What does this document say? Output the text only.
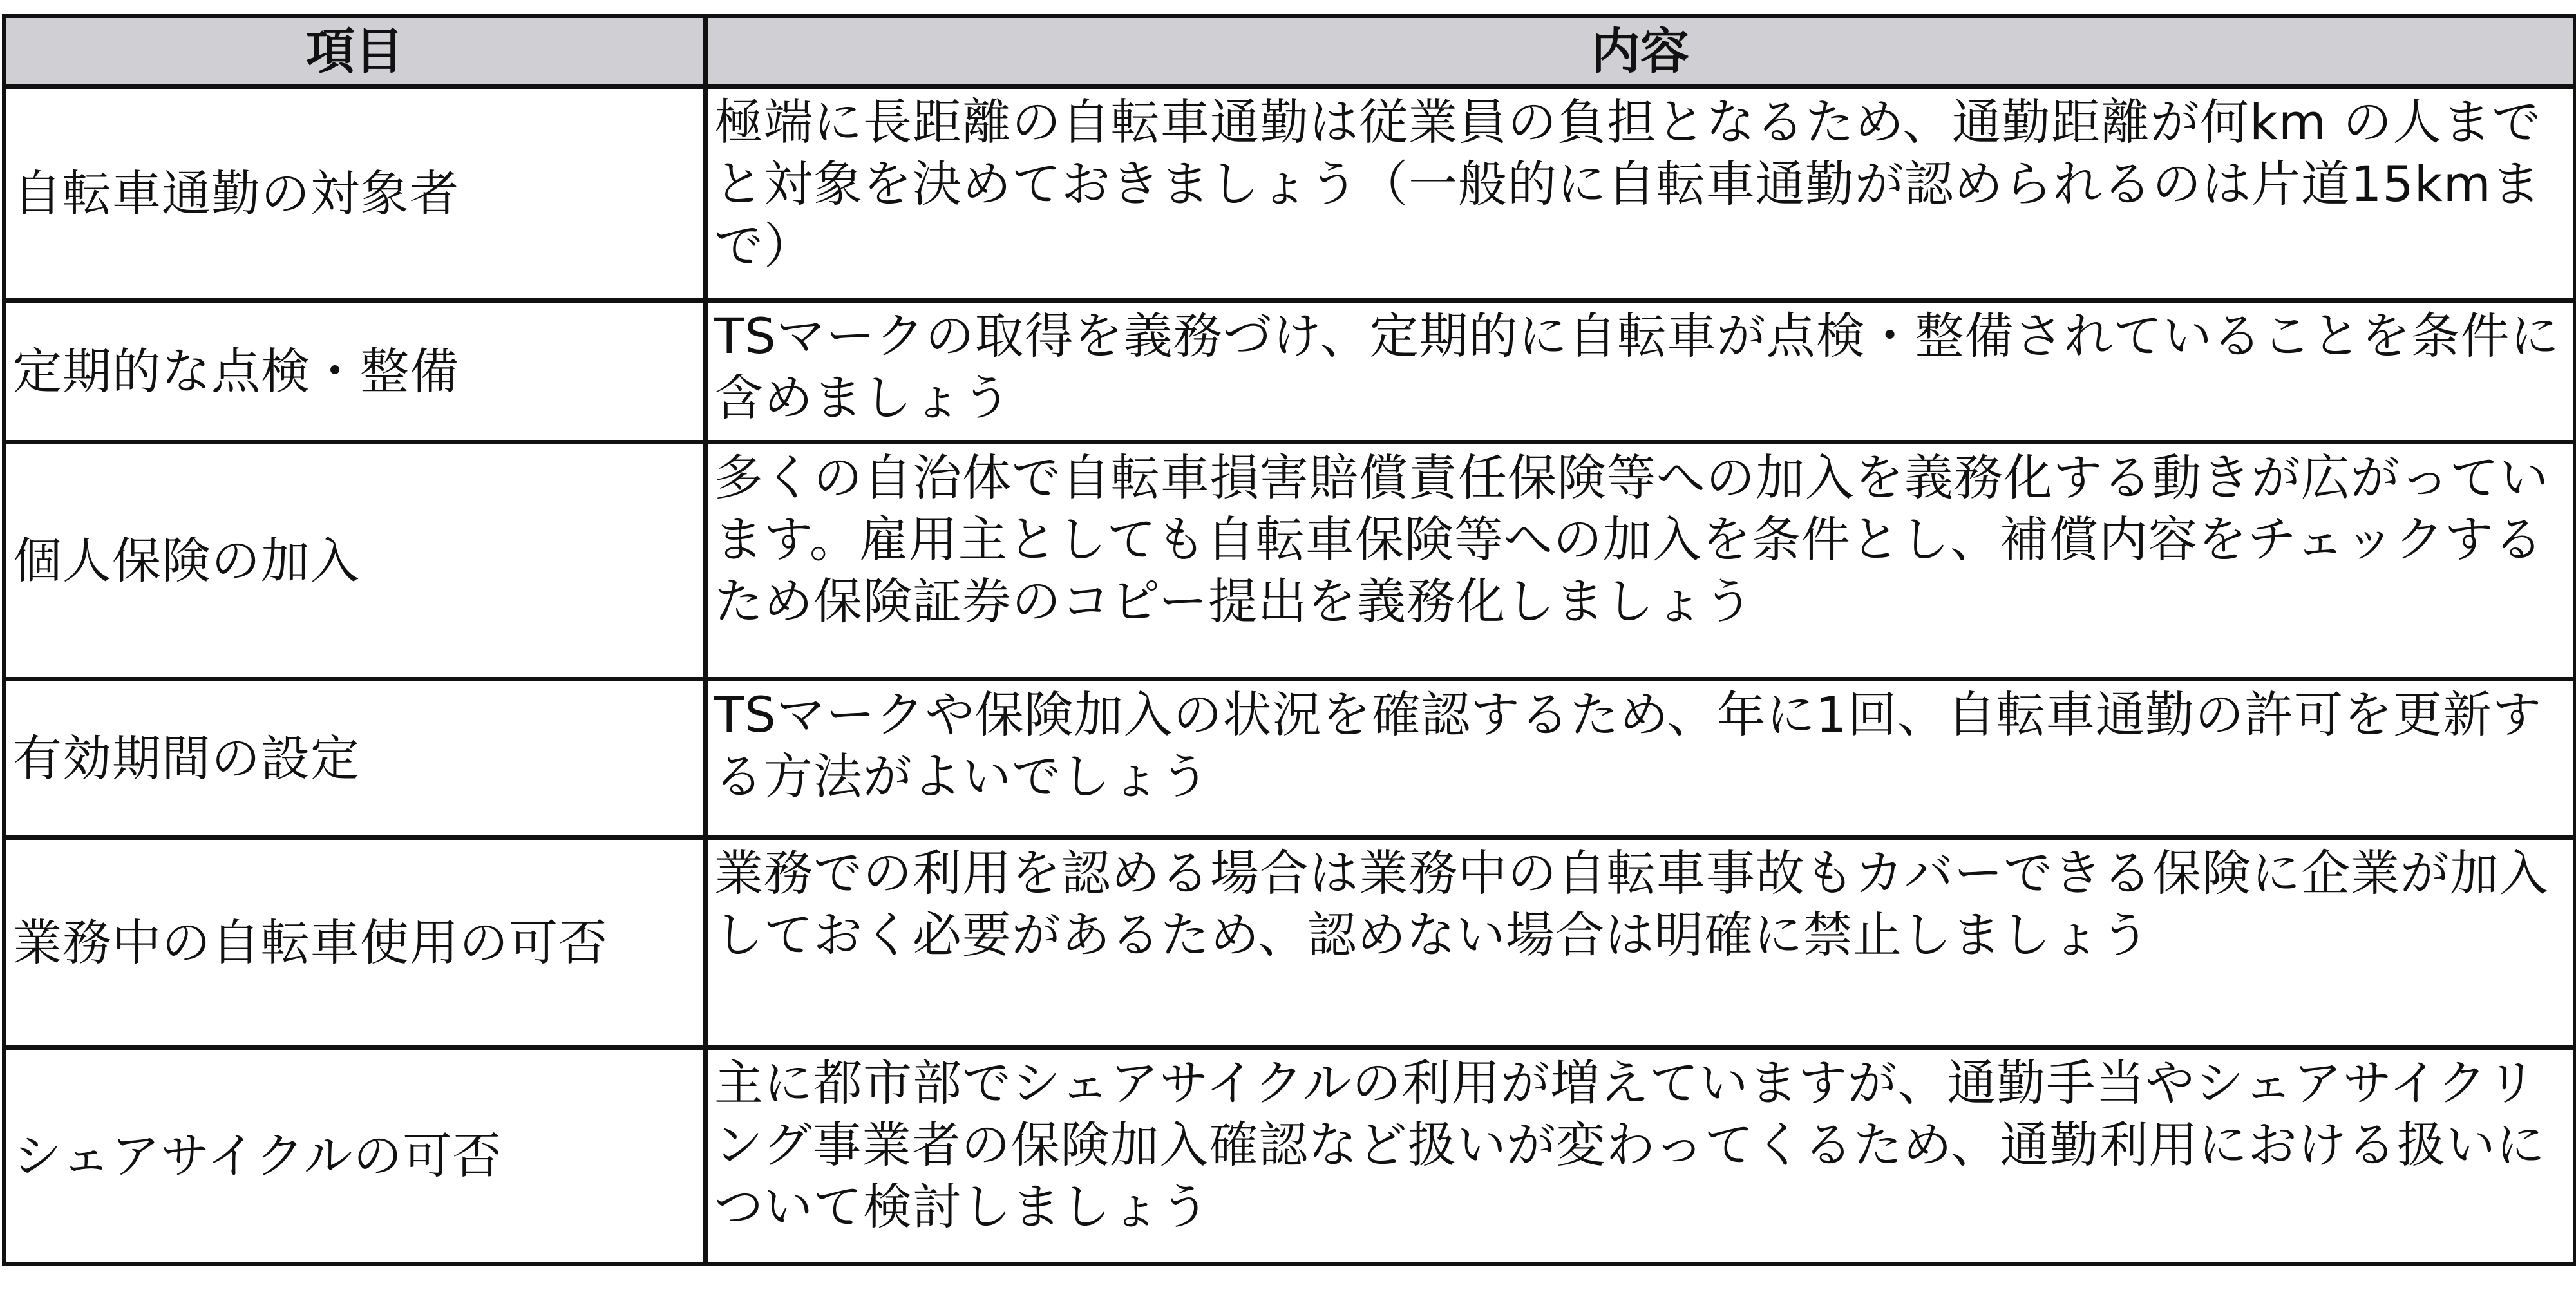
項目	内容
自転車通勤の対象者	極端に長距離の自転車通勤は従業員の負担となるため、通勤距離が何km の人までと対象を決めておきましょう（一般的に自転車通勤が認められるのは片道15kmまで）
定期的な点検・整備	TSマークの取得を義務づけ、定期的に自転車が点検・整備されていることを条件に含めましょう
個人保険の加入	多くの自治体で自転車損害賠償責任保険等への加入を義務化する動きが広がっています。雇用主としても自転車保険等への加入を条件とし、補償内容をチェックするため保険証券のコピー提出を義務化しましょう
有効期間の設定	TSマークや保険加入の状況を確認するため、年に1回、自転車通勤の許可を更新する方法がよいでしょう
業務中の自転車使用の可否	業務での利用を認める場合は業務中の自転車事故もカバーできる保険に企業が加入しておく必要があるため、認めない場合は明確に禁止しましょう
シェアサイクルの可否	主に都市部でシェアサイクルの利用が増えていますが、通勤手当やシェアサイクリング事業者の保険加入確認など扱いが変わってくるため、通勤利用における扱いについて検討しましょう
